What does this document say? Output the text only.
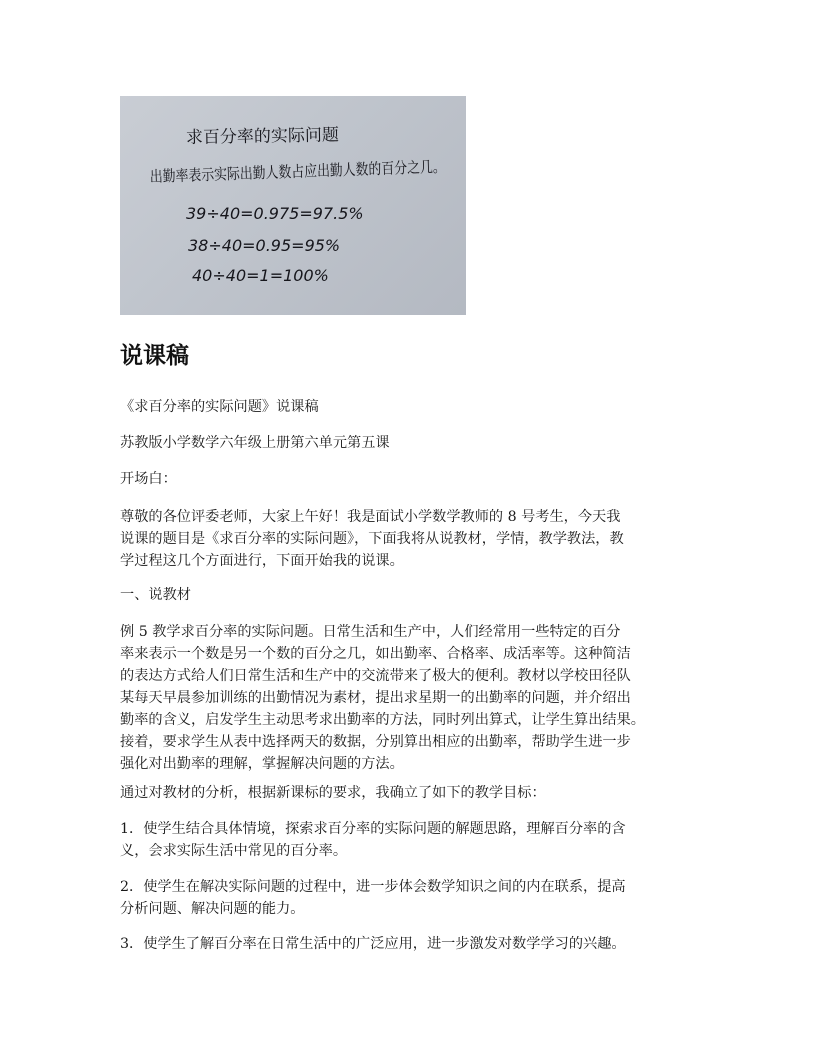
求百分率的实际问题
出勤率表示实际出勤人数占应出勤人数的百分之几。
39÷40=0.975=97.5%
38÷40=0.95=95%
40÷40=1=100%
说课稿

《求百分率的实际问题》说课稿

苏教版小学数学六年级上册第六单元第五课

开场白：

尊敬的各位评委老师，大家上午好！我是面试小学数学教师的 8 号考生，今天我
说课的题目是《求百分率的实际问题》，下面我将从说教材，学情，教学教法，教
学过程这几个方面进行，下面开始我的说课。

一、说教材

例 5 教学求百分率的实际问题。日常生活和生产中，人们经常用一些特定的百分
率来表示一个数是另一个数的百分之几，如出勤率、合格率、成活率等。这种简洁
的表达方式给人们日常生活和生产中的交流带来了极大的便利。教材以学校田径队
某每天早晨参加训练的出勤情况为素材，提出求星期一的出勤率的问题，并介绍出
勤率的含义，启发学生主动思考求出勤率的方法，同时列出算式，让学生算出结果。
接着，要求学生从表中选择两天的数据，分别算出相应的出勤率，帮助学生进一步
强化对出勤率的理解，掌握解决问题的方法。

通过对教材的分析，根据新课标的要求，我确立了如下的教学目标：

1．使学生结合具体情境，探索求百分率的实际问题的解题思路，理解百分率的含
义，会求实际生活中常见的百分率。

2．使学生在解决实际问题的过程中，进一步体会数学知识之间的内在联系，提高
分析问题、解决问题的能力。

3．使学生了解百分率在日常生活中的广泛应用，进一步激发对数学学习的兴趣。
